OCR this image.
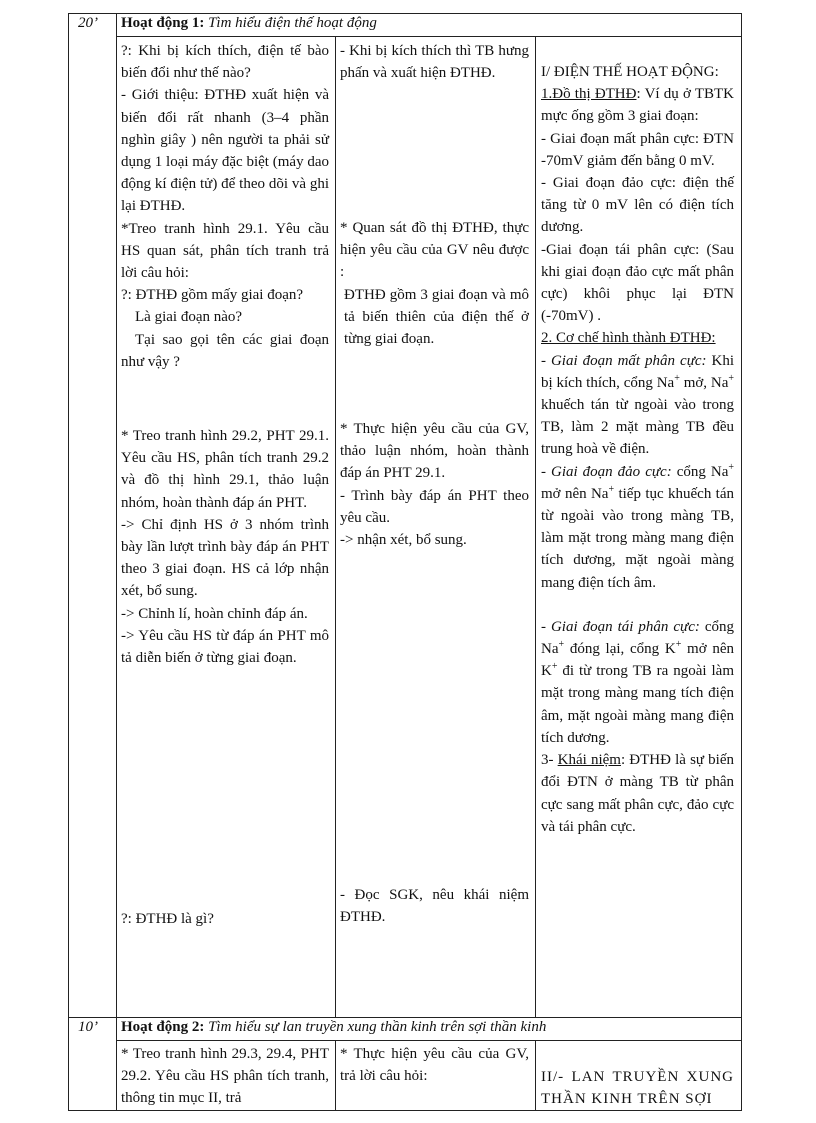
20’ Hoạt động 1: Tìm hiểu điện thế hoạt động

?: Khi bị kích thích, điện tế bào biến đổi như thế nào?

- Giới thiệu: ĐTHĐ xuất hiện và biến đổi rất nhanh (3–4 phần nghìn giây ) nên người ta phải sử dụng 1 loại máy đặc biệt (máy dao động kí điện tử) để theo dõi và ghi lại ĐTHĐ.

*Treo tranh hình 29.1. Yêu cầu HS quan sát, phân tích tranh trả lời câu hỏi:

?: ĐTHĐ gồm mấy giai đoạn?

Là giai đoạn nào?

Tại sao gọi tên các giai đoạn như vậy ?

* Treo tranh hình 29.2, PHT 29.1. Yêu cầu HS, phân tích tranh 29.2 và đồ thị hình 29.1, thảo luận nhóm, hoàn thành đáp án PHT.

-> Chỉ định HS ở 3 nhóm trình bày lần lượt trình bày đáp án PHT theo 3 giai đoạn. HS cả lớp nhận xét, bổ sung.

-> Chỉnh lí, hoàn chỉnh đáp án.

-> Yêu cầu HS từ đáp án PHT mô tả diễn biến ở từng giai đoạn.

?: ĐTHĐ là gì?

- Khi bị kích thích thì TB hưng phấn và xuất hiện ĐTHĐ.

* Quan sát đồ thị ĐTHĐ, thực hiện yêu cầu của GV nêu được :

ĐTHĐ gồm 3 giai đoạn và mô tả biến thiên của điện thế ở từng giai đoạn.

* Thực hiện yêu cầu của GV, thảo luận nhóm, hoàn thành đáp án PHT 29.1.

- Trình bày đáp án PHT theo yêu cầu.

-> nhận xét, bổ sung.

- Đọc SGK, nêu khái niệm ĐTHĐ.

I/ ĐIỆN THẾ HOẠT ĐỘNG:

1.Đồ thị ĐTHĐ: Ví dụ ở TBTK mực ống gồm 3 giai đoạn:

- Giai đoạn mất phân cực: ĐTN -70mV giảm đến bằng 0 mV.

- Giai đoạn đảo cực: điện thế tăng từ 0 mV lên có điện tích dương.

-Giai đoạn tái phân cực: (Sau khi giai đoạn đảo cực mất phân cực) khôi phục lại ĐTN (-70mV) .

2. Cơ chế hình thành ĐTHĐ:

- Giai đoạn mất phân cực: Khi bị kích thích, cổng Na+ mở, Na+ khuếch tán từ ngoài vào trong TB, làm 2 mặt màng TB đều trung hoà về điện.

- Giai đoạn đảo cực: cổng Na+ mở nên Na+ tiếp tục khuếch tán từ ngoài vào trong màng TB, làm mặt trong màng mang điện tích dương, mặt ngoài màng mang điện tích âm.

- Giai đoạn tái phân cực: cổng Na+ đóng lại, cổng K+ mở nên K+ đi từ trong TB ra ngoài làm mặt trong màng mang tích điện âm, mặt ngoài màng mang điện tích dương.

3- Khái niệm: ĐTHĐ là sự biến đổi ĐTN ở màng TB từ phân cực sang mất phân cực, đảo cực và tái phân cực.

10’ Hoạt động 2: Tìm hiểu sự lan truyền xung thần kinh trên sợi thần kinh
* Treo tranh hình 29.3, 29.4, PHT 29.2. Yêu cầu HS phân tích tranh, thông tin mục II, trả
* Thực hiện yêu cầu của GV, trả lời câu hỏi:	II/- LAN TRUYỀN XUNG THẦN KINH TRÊN SỢI
